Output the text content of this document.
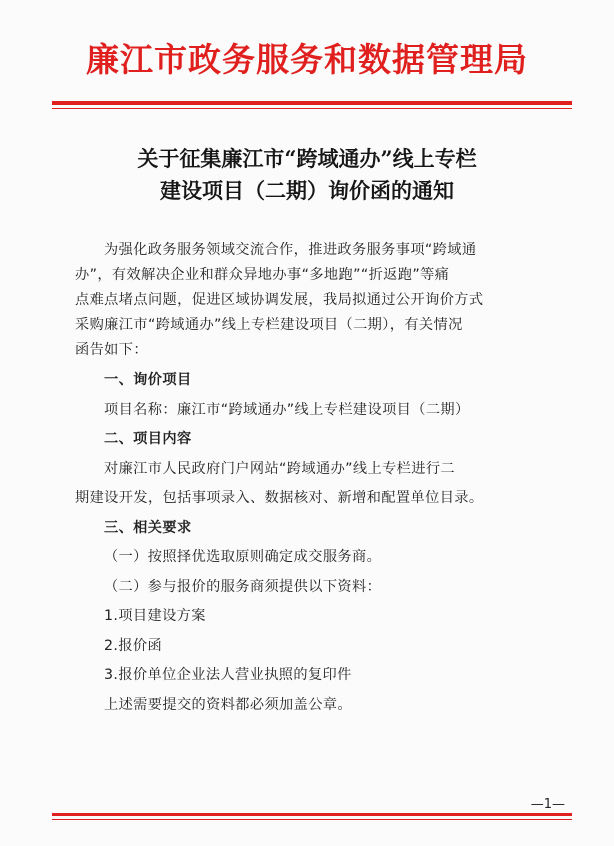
廉江市政务服务和数据管理局
关于征集廉江市“跨域通办”线上专栏
建设项目（二期）询价函的通知
为强化政务服务领域交流合作，推进政务服务事项“跨域通
办”，有效解决企业和群众异地办事“多地跑”“折返跑”等痛
点难点堵点问题，促进区域协调发展，我局拟通过公开询价方式
采购廉江市“跨域通办”线上专栏建设项目（二期），有关情况
函告如下：
一、询价项目
项目名称：廉江市“跨域通办”线上专栏建设项目（二期）
二、项目内容
对廉江市人民政府门户网站“跨域通办”线上专栏进行二
期建设开发，包括事项录入、数据核对、新增和配置单位目录。
三、相关要求
（一）按照择优选取原则确定成交服务商。
（二）参与报价的服务商须提供以下资料：
1.项目建设方案
2.报价函
3.报价单位企业法人营业执照的复印件
上述需要提交的资料都必须加盖公章。
—1—
